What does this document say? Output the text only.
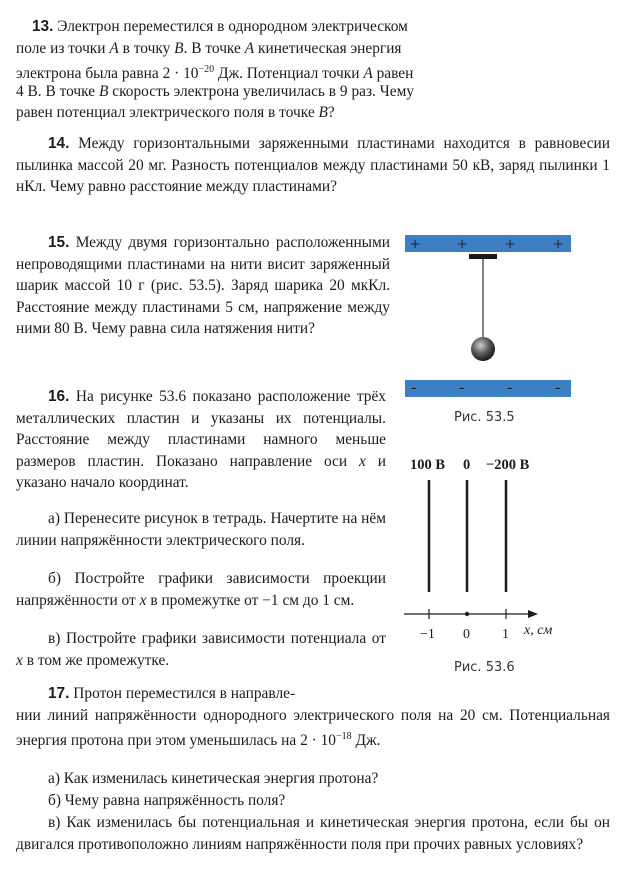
13. Электрон переместился в однородном электрическом

поле из точки A в точку B. В точке A кинетическая энергия

электрона была равна $2 \cdot 10^{-20}$ Дж. Потенциал точки A равен

4 В. В точке B скорость электрона увеличилась в 9 раз. Чему

равен потенциал электрического поля в точке B?

14. Между горизонтальными заряженными пластинами находится в равновесии пылинка массой 20 мг. Разность потенциалов между пластинами 50 кВ, заряд пылинки 1 нКл. Чему равно расстояние между пластинами?

15. Между двумя горизонтально расположенными непроводящими пластинами на нити висит заряженный шарик массой 10 г (рис. 53.5). Заряд шарика 20 мкКл. Расстояние между пластинами 5 см, напряжение между ними 80 В. Чему равна сила натяжения нити?

+ + + +
-	-	-	-
Рис. 53.5

16. На рисунке 53.6 показано расположение трёх металлических пластин и указаны их потенциалы. Расстояние между пластинами намного меньше размеров пластин. Показано направление оси x и указано начало координат.

а) Перенесите рисунок в тетрадь. Начертите на нём линии напряжённости электрического поля.

б) Постройте графики зависимости проекции напряжённости от x в промежутке от −1 см до 1 см.

в) Постройте графики зависимости потенциала от x в том же промежутке.

100 В 0 −200 В
−1 0 1 x, см
Рис. 53.6

17. Протон переместился в направле-

нии линий напряжённости однородного электрического поля на 20 см. Потенциальная энергия протона при этом уменьшилась на $2 \cdot 10^{-18}$ Дж.

а) Как изменилась кинетическая энергия протона?

б) Чему равна напряжённость поля?

в) Как изменилась бы потенциальная и кинетическая энергия протона, если бы он двигался противоположно линиям напряжённости поля при прочих равных условиях?
